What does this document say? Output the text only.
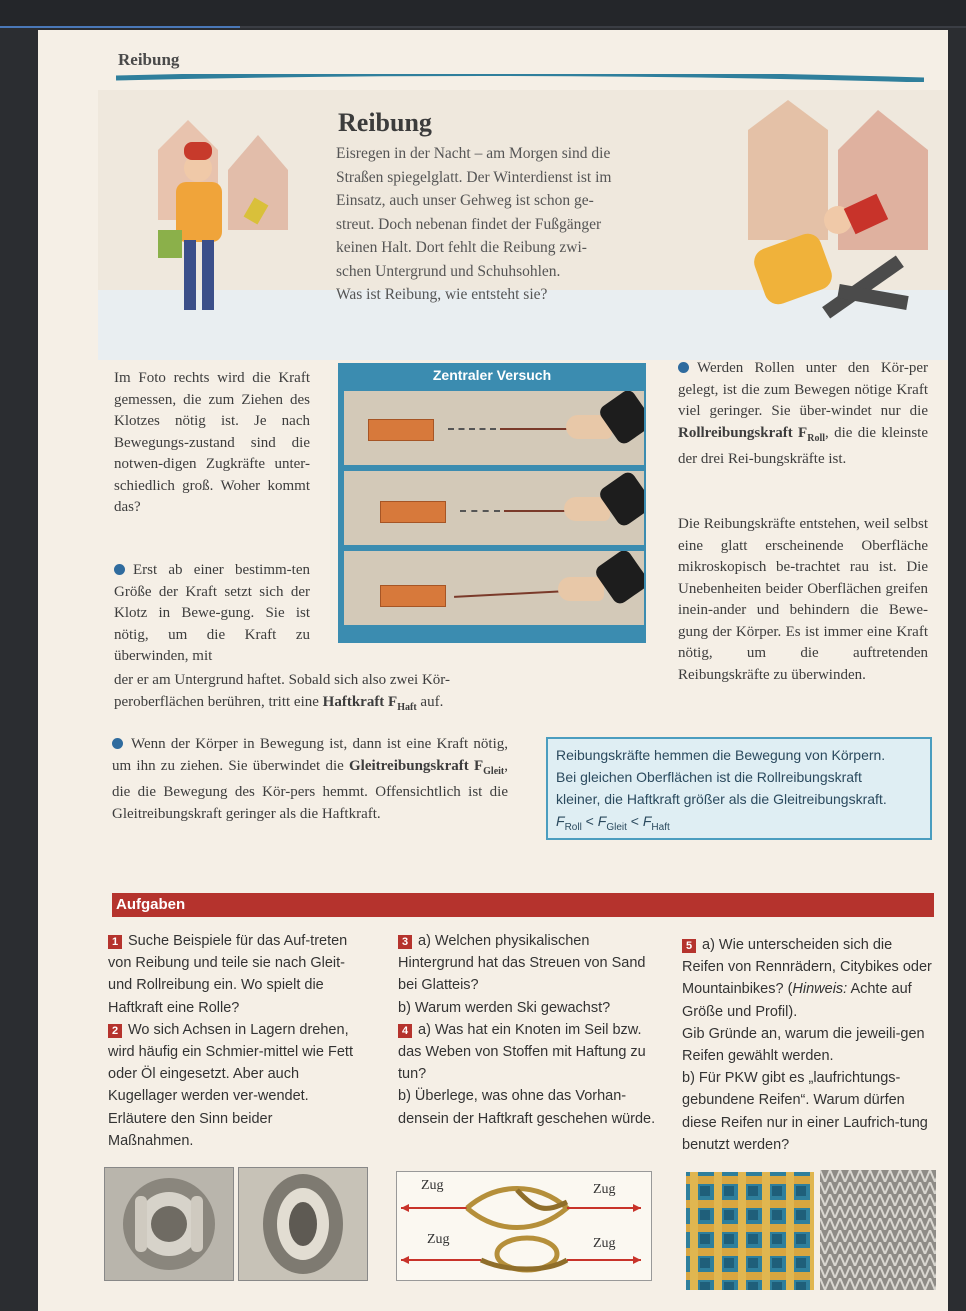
Reibung
Reibung
Eisregen in der Nacht – am Morgen sind die
Straßen spiegelglatt. Der Winterdienst ist im
Einsatz, auch unser Gehweg ist schon ge-
streut. Doch nebenan findet der Fußgänger
keinen Halt. Dort fehlt die Reibung zwi-
schen Untergrund und Schuhsohlen.
Was ist Reibung, wie entsteht sie?

Im Foto rechts wird die Kraft gemessen, die zum Ziehen des Klotzes nötig ist. Je nach Bewegungs-zustand sind die notwen-digen Zugkräfte unter-schiedlich groß. Woher kommt das?

Erst ab einer bestimm-ten Größe der Kraft setzt sich der Klotz in Bewe-gung. Sie ist nötig, um die Kraft zu überwinden, mit

der er am Untergrund haftet. Sobald sich also zwei Kör-peroberflächen berühren, tritt eine Haftkraft $F_{Haft}$ auf.

Zentraler Versuch	Werden Rollen unter den Kör-per gelegt, ist die zum Bewegen nötige Kraft viel geringer. Sie über-windet nur die Rollreibungskraft $F_{Roll}$, die die kleinste der drei Rei-bungskräfte ist.

Die Reibungskräfte entstehen, weil selbst eine glatt erscheinende Oberfläche mikroskopisch be-trachtet rau ist. Die Unebenheiten beider Oberflächen greifen inein-ander und behindern die Bewe-gung der Körper. Es ist immer eine Kraft nötig, um die auftretenden Reibungskräfte zu überwinden.

Wenn der Körper in Bewegung ist, dann ist eine Kraft nötig, um ihn zu ziehen. Sie überwindet die Gleitreibungskraft $F_{Gleit}$, die die Bewegung des Kör-pers hemmt. Offensichtlich ist die Gleitreibungskraft geringer als die Haftkraft.

Reibungskräfte hemmen die Bewegung von Körpern.
Bei gleichen Oberflächen ist die Rollreibungskraft
kleiner, die Haftkraft größer als die Gleitreibungskraft.
$F_{Roll} < F_{Gleit} < F_{Haft}$
Aufgaben
1 Suche Beispiele für das Auf-treten von Reibung und teile sie nach Gleit- und Rollreibung ein. Wo spielt die Haftkraft eine Rolle?
2 Wo sich Achsen in Lagern drehen, wird häufig ein Schmier-mittel wie Fett oder Öl eingesetzt. Aber auch Kugellager werden ver-wendet. Erläutere den Sinn beider Maßnahmen.
3 a) Welchen physikalischen Hintergrund hat das Streuen von Sand bei Glatteis?
b) Warum werden Ski gewachst?
4 a) Was hat ein Knoten im Seil bzw. das Weben von Stoffen mit Haftung zu tun?
b) Überlege, was ohne das Vorhan-densein der Haftkraft geschehen würde.
5 a) Wie unterscheiden sich die Reifen von Rennrädern, Citybikes oder Mountainbikes? (Hinweis: Achte auf Größe und Profil).
Gib Gründe an, warum die jeweili-gen Reifen gewählt werden.
b) Für PKW gibt es „laufrichtungs-gebundene Reifen“. Warum dürfen diese Reifen nur in einer Laufrich-tung benutzt werden?
Zug	Zug
Zug	Zug
